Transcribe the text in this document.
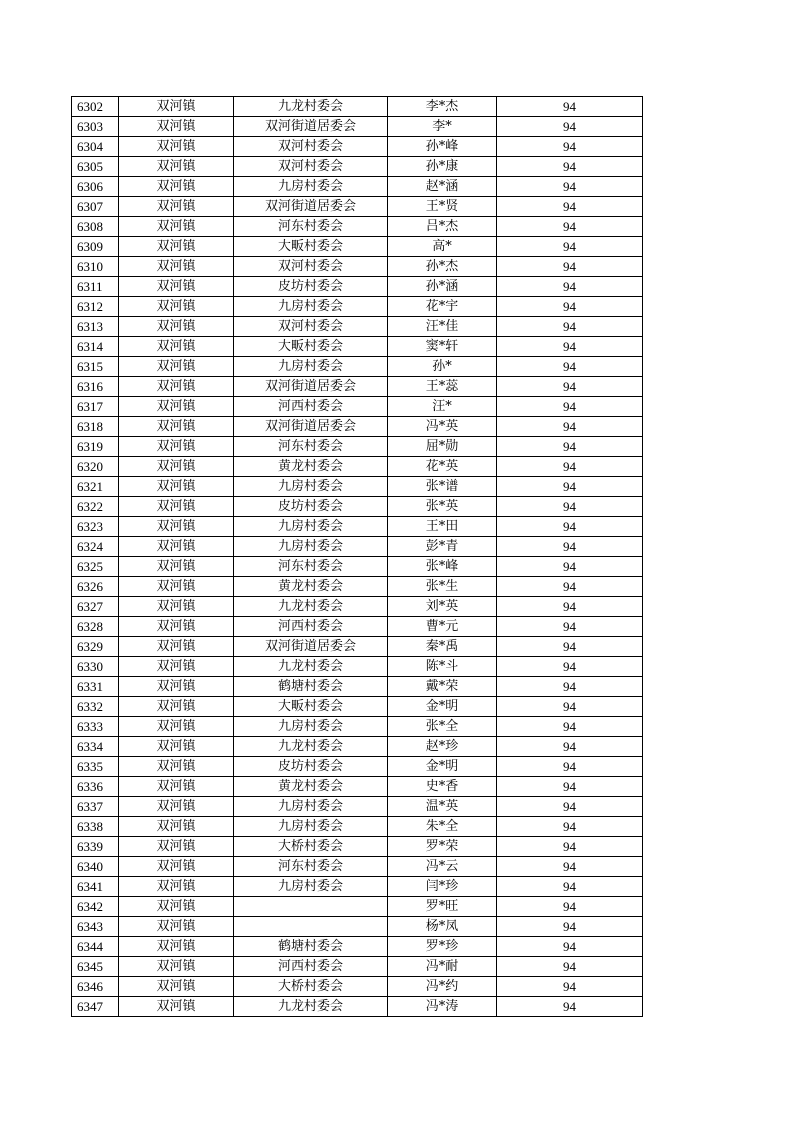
6302	双河镇	九龙村委会	李*杰	94
6303	双河镇	双河街道居委会	李*	94
6304	双河镇	双河村委会	孙*峰	94
6305	双河镇	双河村委会	孙*康	94
6306	双河镇	九房村委会	赵*涵	94
6307	双河镇	双河街道居委会	王*贤	94
6308	双河镇	河东村委会	吕*杰	94
6309	双河镇	大畈村委会	高*	94
6310	双河镇	双河村委会	孙*杰	94
6311	双河镇	皮坊村委会	孙*涵	94
6312	双河镇	九房村委会	花*宇	94
6313	双河镇	双河村委会	汪*佳	94
6314	双河镇	大畈村委会	窦*轩	94
6315	双河镇	九房村委会	孙*	94
6316	双河镇	双河街道居委会	王*蕊	94
6317	双河镇	河西村委会	汪*	94
6318	双河镇	双河街道居委会	冯*英	94
6319	双河镇	河东村委会	屈*勋	94
6320	双河镇	黄龙村委会	花*英	94
6321	双河镇	九房村委会	张*谱	94
6322	双河镇	皮坊村委会	张*英	94
6323	双河镇	九房村委会	王*田	94
6324	双河镇	九房村委会	彭*青	94
6325	双河镇	河东村委会	张*峰	94
6326	双河镇	黄龙村委会	张*生	94
6327	双河镇	九龙村委会	刘*英	94
6328	双河镇	河西村委会	曹*元	94
6329	双河镇	双河街道居委会	秦*禹	94
6330	双河镇	九龙村委会	陈*斗	94
6331	双河镇	鹤塘村委会	戴*荣	94
6332	双河镇	大畈村委会	金*明	94
6333	双河镇	九房村委会	张*全	94
6334	双河镇	九龙村委会	赵*珍	94
6335	双河镇	皮坊村委会	金*明	94
6336	双河镇	黄龙村委会	史*香	94
6337	双河镇	九房村委会	温*英	94
6338	双河镇	九房村委会	朱*全	94
6339	双河镇	大桥村委会	罗*荣	94
6340	双河镇	河东村委会	冯*云	94
6341	双河镇	九房村委会	闫*珍	94
6342	双河镇		罗*旺	94
6343	双河镇		杨*凤	94
6344	双河镇	鹤塘村委会	罗*珍	94
6345	双河镇	河西村委会	冯*耐	94
6346	双河镇	大桥村委会	冯*约	94
6347	双河镇	九龙村委会	冯*涛	94
